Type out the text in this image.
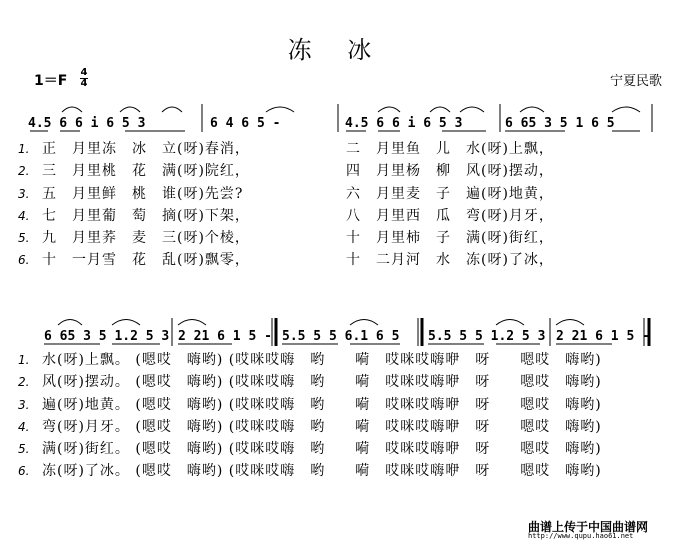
冻 冰
1＝F
4
4	宁夏民歌
4.5 6 6 i 6 5 3	6 4 6 5 -	4.5 6 6 i 6 5 3	6 65 3 5 1 6 5
6 65 3 5 1.2 5 3 2 21 6 1 5 - 5.5 5 5 6.1 6 5 5.5 5 5 1.2 5 3 2 21 6 1 5 -
1. 正　月里冻　冰　立(呀)春消，	二　月里鱼　儿　水(呀)上飘，
2. 三　月里桃　花　满(呀)院红，	四　月里杨　柳　风(呀)摆动，
3. 五　月里鲜　桃　谁(呀)先尝?	六　月里麦　子　遍(呀)地黄，
4. 七　月里葡　萄　摘(呀)下架，	八　月里西　瓜　弯(呀)月牙，
5. 九　月里荞　麦　三(呀)个棱，	十　月里柿　子　满(呀)街红，
6. 十　一月雪　花　乱(呀)飘零，	十　二月河　水　冻(呀)了冰，
1. 水(呀)上飘。 (嗯哎　嗨哟) (哎咪哎嗨　哟　　嗬　哎咪哎嗨咿　呀　　嗯哎　嗨哟)
2. 风(呀)摆动。 (嗯哎　嗨哟) (哎咪哎嗨　哟　　嗬　哎咪哎嗨咿　呀　　嗯哎　嗨哟)
3. 遍(呀)地黄。 (嗯哎　嗨哟) (哎咪哎嗨　哟　　嗬　哎咪哎嗨咿　呀　　嗯哎　嗨哟)
4. 弯(呀)月牙。 (嗯哎　嗨哟) (哎咪哎嗨　哟　　嗬　哎咪哎嗨咿　呀　　嗯哎　嗨哟)
5. 满(呀)街红。 (嗯哎　嗨哟) (哎咪哎嗨　哟　　嗬　哎咪哎嗨咿　呀　　嗯哎　嗨哟)
6. 冻(呀)了冰。 (嗯哎　嗨哟) (哎咪哎嗨　哟　　嗬　哎咪哎嗨咿　呀　　嗯哎　嗨哟)
曲谱上传于中国曲谱网
http://www.qupu.hao61.net
